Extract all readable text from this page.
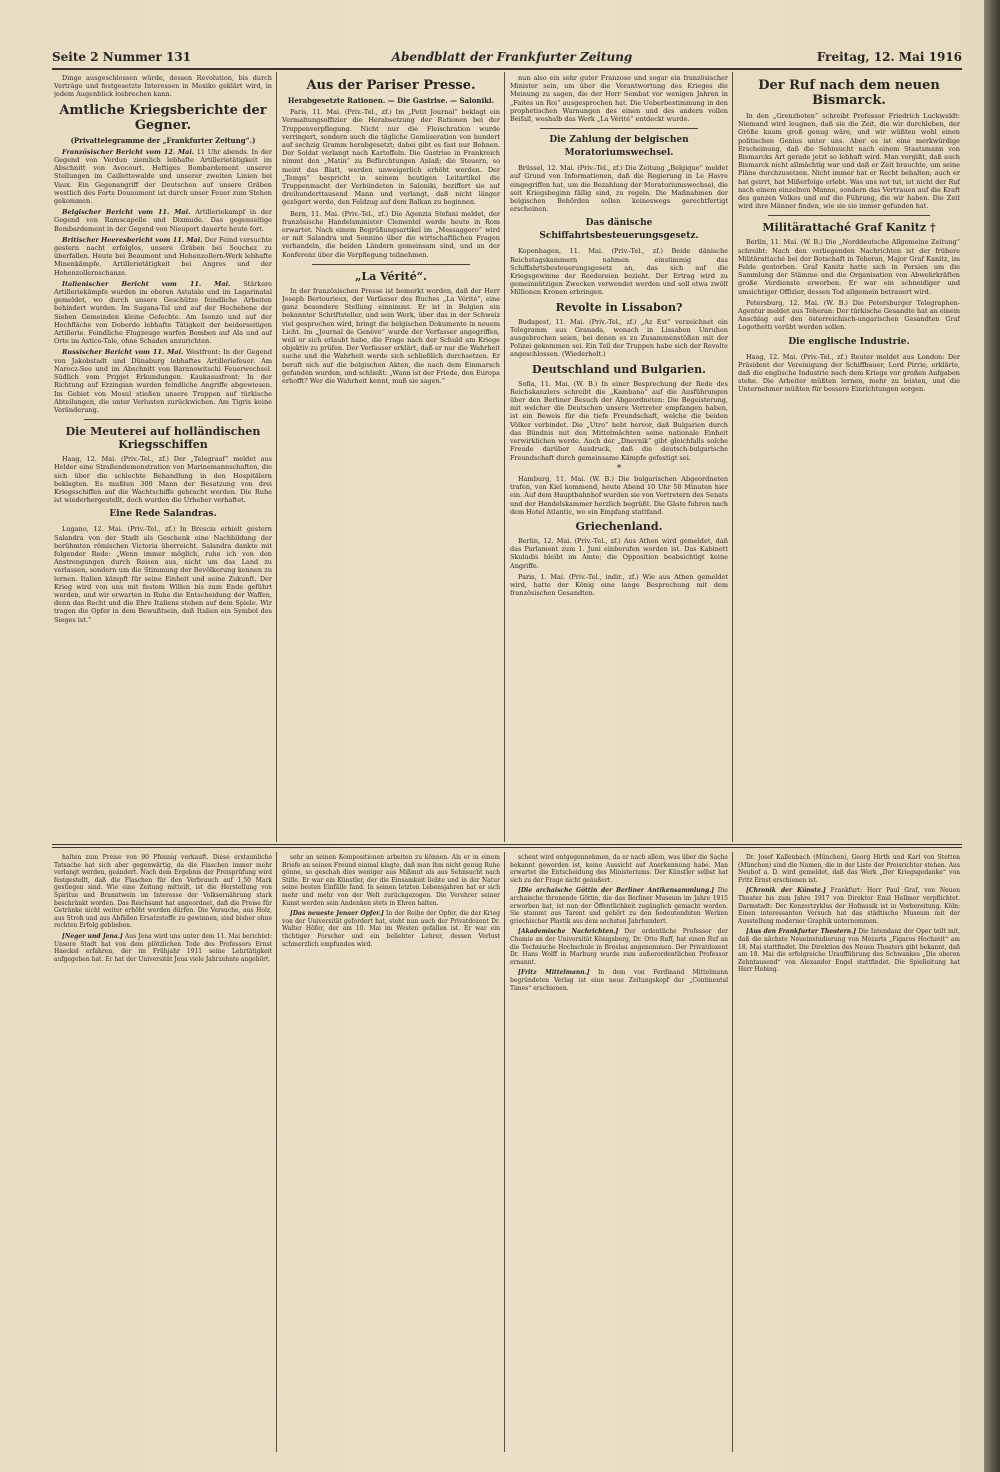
Seite 2 Nummer 131	Abendblatt der Frankfurter Zeitung	Freitag, 12. Mai 1916

Dinge ausgeschlossen würde, dessen Revolution, bis durch Verträge und festgesetzte Interessen in Mexiko geklärt wird, in jedem Augenblick losbrechen kann.

Amtliche Kriegsberichte der Gegner.
(Privattelegramme der „Frankfurter Zeitung“.)

Französischer Bericht vom 12. Mai. 11 Uhr abends. In der Gegend von Verdun ziemlich lebhafte Artillerietätigkeit im Abschnitt von Avocourt. Heftiges Bombardement unserer Stellungen im Caillettewalde und unserer zweiten Linien bei Vaux. Ein Gegenangriff der Deutschen auf unsere Gräben westlich des Forts Douaumont ist durch unser Feuer zum Stehen gekommen.

Belgischer Bericht vom 11. Mai. Artilleriekampf in der Gegend von Ramscapelle und Dixmude. Das gegenseitige Bombardement in der Gegend von Nieuport dauerte heute fort.

Britischer Heeresbericht vom 11. Mai. Der Feind versuchte gestern nacht erfolglos, unsere Gräben bei Souchez zu überfallen. Heute bei Beaumont und Hohenzollern-Werk lebhafte Minenkämpfe. Artillerietätigkeit bei Angres und der Hohenzollernschanze.

Italienischer Bericht vom 11. Mai. Stärkere Artilleriekämpfe wurden im oberen Astatale und im Lagarinatal gemeldet, wo durch unsere Geschütze feindliche Arbeiten behindert wurden. Im Sugana-Tal und auf der Hochebene der Sieben Gemeinden kleine Gefechte. Am Isonzo und auf der Hochfläche von Doberdo lebhafte Tätigkeit der beiderseitigen Artillerie. Feindliche Flugzeuge warfen Bomben auf Ala und auf Orte im Astico-Tale, ohne Schaden anzurichten.

Russischer Bericht vom 11. Mai. Westfront: In der Gegend von Jakobstadt und Dünaburg lebhaftes Artilleriefeuer. Am Narocz-See und im Abschnitt von Baranowitschi Feuerwechsel. Südlich vom Pripjet Erkundungen. Kaukasusfront: In der Richtung auf Erzingian wurden feindliche Angriffe abgewiesen. Im Gebiet von Mosul stießen unsere Truppen auf türkische Abteilungen, die unter Verlusten zurückwichen. Am Tigris keine Veränderung.

Die Meuterei auf holländischen Kriegsschiffen

Haag, 12. Mai. (Priv.-Tel., zf.) Der „Telegraaf“ meldet aus Helder eine Straßendemonstration von Marinemannschaften, die sich über die schlechte Behandlung in den Hospitälern beklagten. Es mußten 300 Mann der Besatzung von drei Kriegsschiffen auf die Wachtschiffe gebracht werden. Die Ruhe ist wiederhergestellt, doch wurden die Urheber verhaftet.

Eine Rede Salandras.

Lugano, 12. Mai. (Priv.-Tel., zf.) In Brescia erhielt gestern Salandra von der Stadt als Geschenk eine Nachbildung der berühmten römischen Victoria überreicht. Salandra dankte mit folgender Rede: „Wenn immer möglich, ruhe ich von den Anstrengungen durch Reisen aus, nicht um das Land zu verlassen, sondern um die Stimmung der Bevölkerung kennen zu lernen. Italien kämpft für seine Einheit und seine Zukunft. Der Krieg wird von uns mit festem Willen bis zum Ende geführt werden, und wir erwarten in Ruhe die Entscheidung der Waffen, denn das Recht und die Ehre Italiens stehen auf dem Spiele. Wir tragen die Opfer in dem Bewußtsein, daß Italien ein Symbol des Sieges ist.“

Aus der Pariser Presse.
Herabgesetzte Rationen. — Die Gastrise. — Saloniki.

Paris, 11. Mai. (Priv.-Tel., zf.) Im „Petit Journal“ beklagt ein Vermaltungsoffizier die Herabsetzung der Rationen bei der Truppenverpflegung. Nicht nur die Fleischration wurde verringert, sondern auch die tägliche Gemüseration von hundert auf sechzig Gramm herabgesetzt; dabei gibt es fast nur Bohnen. Der Soldat verlangt nach Kartoffeln. Die Gastrise in Frankreich nimmt den „Matin“ zu Befürchtungen Anlaß; die Steuern, so meint das Blatt, werden unweigerlich erhöht werden. Der „Temps“ bespricht in seinem heutigen Leitartikel die Truppenmacht der Verbündeten in Saloniki, beziffert sie auf dreihunderttausend Mann und verlangt, daß nicht länger gezögert werde, den Feldzug auf dem Balkan zu beginnen.

Bern, 11. Mai. (Priv.-Tel., zf.) Die Agenzia Stefani meldet, der französische Handelsminister Clementel werde heute in Rom erwartet. Nach einem Begrüßungsartikel im „Messaggero“ wird er mit Salandra und Sonnino über die wirtschaftlichen Fragen verhandeln, die beiden Ländern gemeinsam sind, und an der Konferenz über die Verpflegung teilnehmen.

„La Vérité“.

In der französischen Presse ist bemerkt worden, daß der Herr Joseph Bertourieux, der Verfasser des Buches „La Vérité“, eine ganz besondere Stellung einnimmt. Er ist in Belgien ein bekannter Schriftsteller, und sein Werk, über das in der Schweiz viel gesprochen wird, bringt die belgischen Dokumente in neuem Licht. Im „Journal de Genève“ wurde der Verfasser angegriffen, weil er sich erlaubt habe, die Frage nach der Schuld am Kriege objektiv zu prüfen. Der Verfasser erklärt, daß er nur die Wahrheit suche und die Wahrheit werde sich schließlich durchsetzen. Er beruft sich auf die belgischen Akten, die nach dem Einmarsch gefunden wurden, und schließt: „Wann ist der Friede, den Europa erhofft? Wer die Wahrheit kennt, muß sie sagen.“

nun also ein sehr guter Franzose und sogar ein französischer Minister sein, um über die Verantwortung des Krieges die Meinung zu sagen, die der Herr Sembat vor wenigen Jahren in „Faites un Roi“ ausgesprochen hat. Die Ueberbestimmung in den prophetischen Warnungen des einen und des andern vollen Beifall, weshalb das Werk „La Vérité“ entdeckt wurde.

Die Zahlung der belgischen Moratoriumswechsel.

Brüssel, 12. Mai. (Priv.-Tel., zf.) Die Zeitung „Belgique“ meldet auf Grund von Informationen, daß die Regierung in Le Havre eingegriffen hat, um die Bezahlung der Moratoriumswechsel, die seit Kriegsbeginn fällig sind, zu regeln. Die Maßnahmen der belgischen Behörden sollen keineswegs gerechtfertigt erscheinen.

Das dänische Schiffahrtsbesteuerungsgesetz.

Kopenhagen, 11. Mai. (Priv.-Tel., zf.) Beide dänische Reichstagskammern nahmen einstimmig das Schiffahrtsbesteuerungsgesetz an, das sich auf die Kriegsgewinne der Reedereien bezieht. Der Ertrag wird zu gemeinnützigen Zwecken verwendet werden und soll etwa zwölf Millionen Kronen erbringen.

Revolte in Lissabon?

Budapest, 11. Mai. (Priv.-Tel., zf.) „Az Est“ verzeichnet ein Telegramm aus Granada, wonach in Lissabon Unruhen ausgebrochen seien, bei denen es zu Zusammenstößen mit der Polizei gekommen sei. Ein Teil der Truppen habe sich der Revolte angeschlossen. (Wiederholt.)

Deutschland und Bulgarien.

Sofia, 11. Mai. (W. B.) In einer Besprechung der Rede des Reichskanzlers schreibt die „Kambana“ auf die Ausführungen über den Berliner Besuch der Abgeordneten: Die Begeisterung, mit welcher die Deutschen unsere Vertreter empfangen haben, ist ein Beweis für die tiefe Freundschaft, welche die beiden Völker verbindet. Die „Utro“ hebt hervor, daß Bulgarien durch das Bündnis mit den Mittelmächten seine nationale Einheit verwirklichen werde. Auch der „Dnevnik“ gibt gleichfalls solche Freude darüber Ausdruck, daß die deutsch-bulgarische Freundschaft durch gemeinsame Kämpfe gefestigt sei.

*

Hamburg, 11. Mai. (W. B.) Die bulgarischen Abgeordneten trafen, von Kiel kommend, heute Abend 10 Uhr 50 Minuten hier ein. Auf dem Hauptbahnhof wurden sie von Vertretern des Senats und der Handelskammer herzlich begrüßt. Die Gäste fuhren nach dem Hotel Atlantic, wo ein Empfang stattfand.

Griechenland.

Berlin, 12. Mai. (Priv.-Tel., zf.) Aus Athen wird gemeldet, daß das Parlament zum 1. Juni einberufen worden ist. Das Kabinett Skuludis bleibt im Amte; die Opposition beabsichtigt keine Angriffe.

Paris, 1. Mai. (Priv.-Tel., indir., zf.) Wie aus Athen gemeldet wird, hatte der König eine lange Besprechung mit dem französischen Gesandten.

Der Ruf nach dem neuen Bismarck.

In den „Grenzboten“ schreibt Professor Friedrich Luckwaldt: Niemand wird leugnen, daß sie die Zeit, die wir durchleben, der Größe kaum groß genug wäre, und wir wüßten wohl einen politischen Genius unter uns. Aber es ist eine merkwürdige Erscheinung, daß die Sehnsucht nach einem Staatsmann von Bismarcks Art gerade jetzt so lebhaft wird. Man vergißt, daß auch Bismarck nicht allmächtig war und daß er Zeit brauchte, um seine Pläne durchzusetzen. Nicht immer hat er Recht behalten; auch er hat geirrt, hat Mißerfolge erlebt. Was uns not tut, ist nicht der Ruf nach einem einzelnen Manne, sondern das Vertrauen auf die Kraft des ganzen Volkes und auf die Führung, die wir haben. Die Zeit wird ihre Männer finden, wie sie sie immer gefunden hat.

Militärattaché Graf Kanitz †

Berlin, 11. Mai. (W. B.) Die „Norddeutsche Allgemeine Zeitung“ schreibt: Nach den vorliegenden Nachrichten ist der frühere Militärattaché bei der Botschaft in Teheran, Major Graf Kanitz, im Felde gestorben. Graf Kanitz hatte sich in Persien um die Sammlung der Stämme und die Organisation von Abwehrkräften große Verdienste erworben. Er war ein schneidiger und umsichtiger Offizier, dessen Tod allgemein betrauert wird.

Petersburg, 12. Mai. (W. B.) Die Petersburger Telegraphen-Agentur meldet aus Teheran: Der türkische Gesandte hat an einem Anschlag auf den österreichisch-ungarischen Gesandten Graf Logothetti verübt werden sollen.

Die englische Industrie.

Haag, 12. Mai. (Priv.-Tel., zf.) Reuter meldet aus London: Der Präsident der Vereinigung der Schiffbauer, Lord Pirrie, erklärte, daß die englische Industrie nach dem Kriege vor großen Aufgaben stehe. Die Arbeiter müßten lernen, mehr zu leisten, und die Unternehmer müßten für bessere Einrichtungen sorgen.

halten zum Preise von 90 Pfennig verkauft. Diese erstaunliche Tatsache hat sich aber gegenwärtig, da die Flaschen immer mehr verlangt werden, geändert. Nach dem Ergebnis der Preisprüfung wird festgestellt, daß die Flaschen für den Verbrauch auf 1,50 Mark gestiegen sind. Wie eine Zeitung mitteilt, ist die Herstellung von Spiritus und Branntwein im Interesse der Volksernährung stark beschränkt worden. Das Reichsamt hat angeordnet, daß die Preise für Getränke nicht weiter erhöht werden dürfen. Die Versuche, aus Holz, aus Stroh und aus Abfällen Ersatzstoffe zu gewinnen, sind bisher ohne rechten Erfolg geblieben.

[Neger und Jena.] Aus Jena wird uns unter dem 11. Mai berichtet: Unsere Stadt hat von dem plötzlichen Tode des Professors Ernst Haeckel erfahren, der im Frühjahr 1911 seine Lehrtätigkeit aufgegeben hat. Er hat der Universität Jena viele Jahrzehnte angehört.

sehr an seinen Kompositionen arbeiten zu können. Als er in einem Briefe an seinen Freund einmal klagte, daß man ihm nicht genug Ruhe gönne, so geschah dies weniger aus Mißmut als aus Sehnsucht nach Stille. Er war ein Künstler, der die Einsamkeit liebte und in der Natur seine besten Einfälle fand. In seinen letzten Lebensjahren hat er sich mehr und mehr von der Welt zurückgezogen. Die Verehrer seiner Kunst werden sein Andenken stets in Ehren halten.

[Das neueste Jenaer Opfer.] In der Reihe der Opfer, die der Krieg von der Universität gefordert hat, steht nun auch der Privatdozent Dr. Walter Höfer, der am 10. Mai im Westen gefallen ist. Er war ein tüchtiger Forscher und ein beliebter Lehrer, dessen Verlust schmerzlich empfunden wird.

schent wird entgegennehmen, da er nach allem, was über die Sache bekannt geworden ist, keine Aussicht auf Anerkennung habe. Man erwartet die Entscheidung des Ministeriums. Der Künstler selbst hat sich zu der Frage nicht geäußert.

[Die archaische Göttin der Berliner Antikensammlung.] Die archaische thronende Göttin, die das Berliner Museum im Jahre 1915 erworben hat, ist nun der Öffentlichkeit zugänglich gemacht worden. Sie stammt aus Tarent und gehört zu den bedeutendsten Werken griechischer Plastik aus dem sechsten Jahrhundert.

[Akademische Nachrichten.] Der ordentliche Professor der Chemie an der Universität Königsberg, Dr. Otto Ruff, hat einen Ruf an die Technische Hochschule in Breslau angenommen. Der Privatdozent Dr. Hans Wolff in Marburg wurde zum außerordentlichen Professor ernannt.

[Fritz Mittelmann.] In dem von Ferdinand Mittelmann begründeten Verlag ist eine neue Zeitungskopf der „Continental Times“ erschienen.

Dr. Josef Kallenbach (München), Georg Hirth und Karl von Stetten (München) sind die Namen, die in der Liste der Preisrichter stehen. Aus Neuhof a. D. wird gemeldet, daß das Werk „Der Kriegsgedanke“ von Fritz Ernst erschienen ist.

[Chronik der Künste.] Frankfurt: Herr Paul Graf, von Neuen Theater bis zum Jahre 1917 von Direktor Emil Hellmer verpflichtet. Darmstadt: Der Konzertzyklus der Hofmusik ist in Vorbereitung. Köln: Einen interessanten Versuch hat das städtische Museum mit der Ausstellung moderner Graphik unternommen.

[Aus den Frankfurter Theatern.] Die Intendanz der Oper teilt mit, daß die nächste Neueinstudierung von Mozarts „Figaros Hochzeit“ am 18. Mai stattfindet. Die Direktion des Neuen Theaters gibt bekannt, daß am 18. Mai die erfolgreiche Uraufführung des Schwankes „Die oberen Zehntausend“ von Alexander Engel stattfindet. Die Spielleitung hat Herr Hebing.
